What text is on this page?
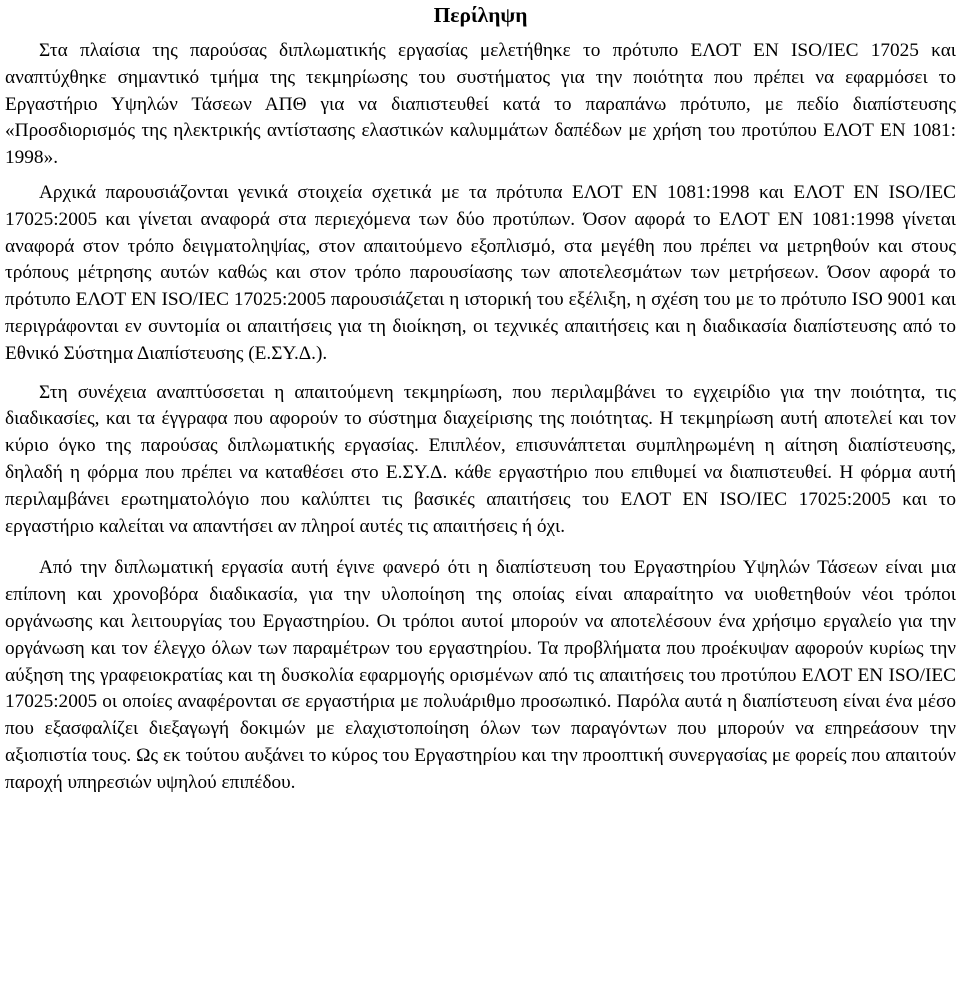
Περίληψη

Στα πλαίσια της παρούσας διπλωματικής εργασίας μελετήθηκε το πρότυπο ΕΛΟΤ ΕΝ ISO/IEC 17025 και αναπτύχθηκε σημαντικό τμήμα της τεκμηρίωσης του συστήματος για την ποιότητα που πρέπει να εφαρμόσει το Εργαστήριο Υψηλών Τάσεων ΑΠΘ για να διαπιστευθεί κατά το παραπάνω πρότυπο, με πεδίο διαπίστευσης «Προσδιορισμός της ηλεκτρικής αντίστασης ελαστικών καλυμμάτων δαπέδων με χρήση του προτύπου ΕΛΟΤ ΕΝ 1081: 1998».

Αρχικά παρουσιάζονται γενικά στοιχεία σχετικά με τα πρότυπα ΕΛΟΤ ΕΝ 1081:1998 και ΕΛΟΤ ΕΝ ISO/IEC 17025:2005 και γίνεται αναφορά στα περιεχόμενα των δύο προτύπων. Όσον αφορά το ΕΛΟΤ ΕΝ 1081:1998 γίνεται αναφορά στον τρόπο δειγματοληψίας, στον απαιτούμενο εξοπλισμό, στα μεγέθη που πρέπει να μετρηθούν και στους τρόπους μέτρησης αυτών καθώς και στον τρόπο παρουσίασης των αποτελεσμάτων των μετρήσεων. Όσον αφορά το πρότυπο ΕΛΟΤ ΕΝ ISO/IEC 17025:2005 παρουσιάζεται η ιστορική του εξέλιξη, η σχέση του με το πρότυπο ISO 9001 και περιγράφονται εν συντομία οι απαιτήσεις για τη διοίκηση, οι τεχνικές απαιτήσεις και η διαδικασία διαπίστευσης από το Εθνικό Σύστημα Διαπίστευσης (Ε.ΣΥ.Δ.).

Στη συνέχεια αναπτύσσεται η απαιτούμενη τεκμηρίωση, που περιλαμβάνει το εγχειρίδιο για την ποιότητα, τις διαδικασίες, και τα έγγραφα που αφορούν το σύστημα διαχείρισης της ποιότητας. Η τεκμηρίωση αυτή αποτελεί και τον κύριο όγκο της παρούσας διπλωματικής εργασίας. Επιπλέον, επισυνάπτεται συμπληρωμένη η αίτηση διαπίστευσης, δηλαδή η φόρμα που πρέπει να καταθέσει στο Ε.ΣΥ.Δ. κάθε εργαστήριο που επιθυμεί να διαπιστευθεί. Η φόρμα αυτή περιλαμβάνει ερωτηματολόγιο που καλύπτει τις βασικές απαιτήσεις του ΕΛΟΤ ΕΝ ISO/IEC 17025:2005 και το εργαστήριο καλείται να απαντήσει αν πληροί αυτές τις απαιτήσεις ή όχι.

Από την διπλωματική εργασία αυτή έγινε φανερό ότι η διαπίστευση του Εργαστηρίου Υψηλών Τάσεων είναι μια επίπονη και χρονοβόρα διαδικασία, για την υλοποίηση της οποίας είναι απαραίτητο να υιοθετηθούν νέοι τρόποι οργάνωσης και λειτουργίας του Εργαστηρίου. Οι τρόποι αυτοί μπορούν να αποτελέσουν ένα χρήσιμο εργαλείο για την οργάνωση και τον έλεγχο όλων των παραμέτρων του εργαστηρίου. Τα προβλήματα που προέκυψαν αφορούν κυρίως την αύξηση της γραφειοκρατίας και τη δυσκολία εφαρμογής ορισμένων από τις απαιτήσεις του προτύπου ΕΛΟΤ ΕΝ ISO/IEC 17025:2005 οι οποίες αναφέρονται σε εργαστήρια με πολυάριθμο προσωπικό. Παρόλα αυτά η διαπίστευση είναι ένα μέσο που εξασφαλίζει διεξαγωγή δοκιμών με ελαχιστοποίηση όλων των παραγόντων που μπορούν να επηρεάσουν την αξιοπιστία τους. Ως εκ τούτου αυξάνει το κύρος του Εργαστηρίου και την προοπτική συνεργασίας με φορείς που απαιτούν παροχή υπηρεσιών υψηλού επιπέδου.
